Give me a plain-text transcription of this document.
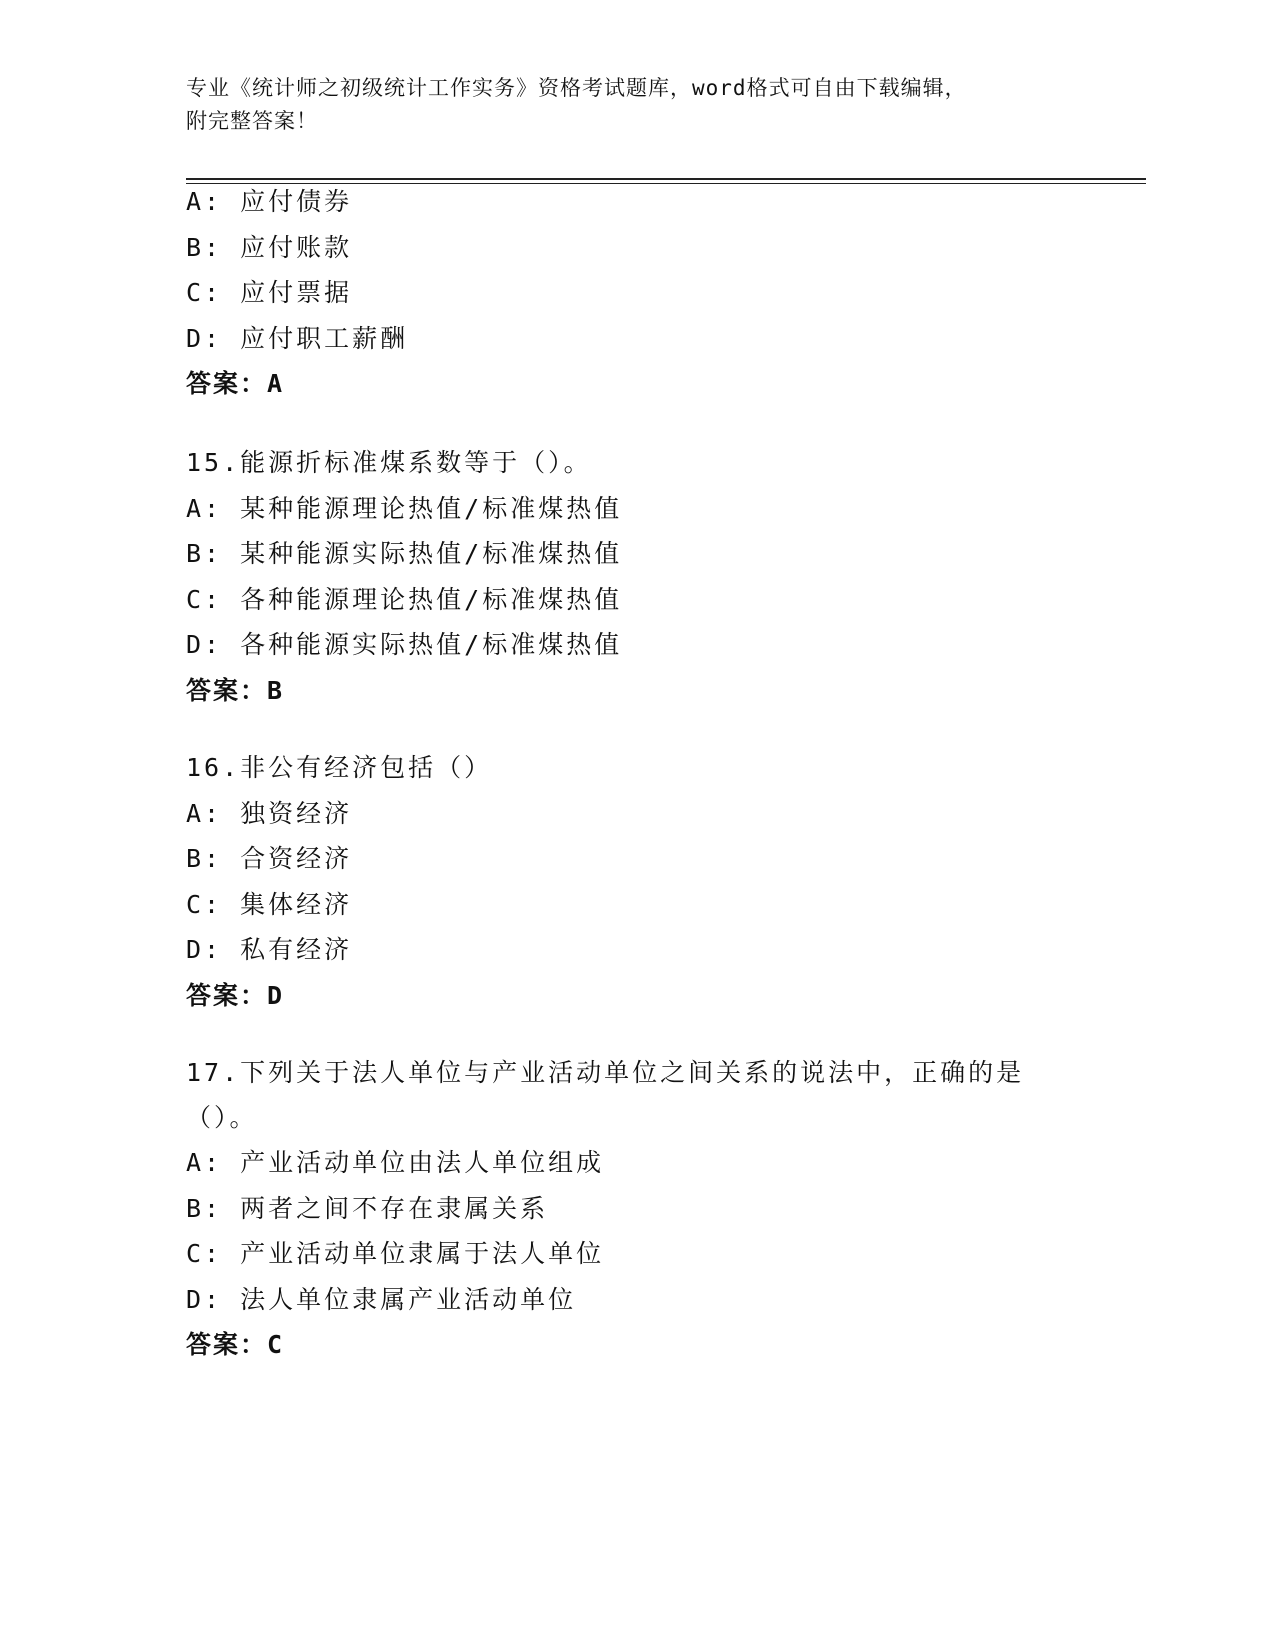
专业《统计师之初级统计工作实务》资格考试题库，word格式可自由下载编辑，
附完整答案！
A: 应付债券
B: 应付账款
C: 应付票据
D: 应付职工薪酬
答案：A
15.能源折标准煤系数等于（）。
A: 某种能源理论热值/标准煤热值
B: 某种能源实际热值/标准煤热值
C: 各种能源理论热值/标准煤热值
D: 各种能源实际热值/标准煤热值
答案：B
16.非公有经济包括（）
A: 独资经济
B: 合资经济
C: 集体经济
D: 私有经济
答案：D
17.下列关于法人单位与产业活动单位之间关系的说法中，正确的是（）。
A: 产业活动单位由法人单位组成
B: 两者之间不存在隶属关系
C: 产业活动单位隶属于法人单位
D: 法人单位隶属产业活动单位
答案：C
